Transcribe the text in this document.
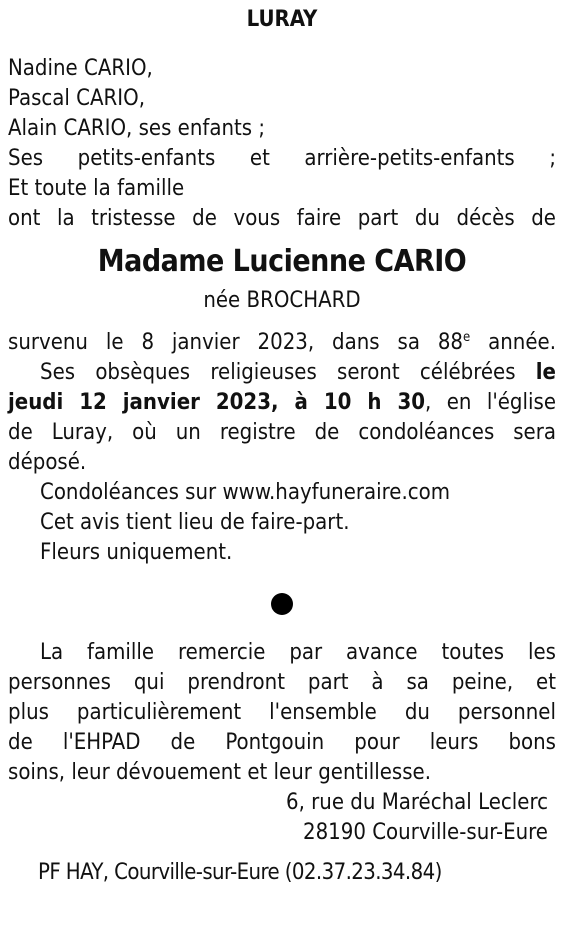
LURAY
Nadine CARIO,
Pascal CARIO,
Alain CARIO, ses enfants ;
Ses petits-enfants et arrière-petits-enfants ;
Et toute la famille
ont la tristesse de vous faire part du décès de
Madame Lucienne CARIO
née BROCHARD
survenu le 8 janvier 2023, dans sa 88e année.
Ses obsèques religieuses seront célébrées le
jeudi 12 janvier 2023, à 10 h 30, en l'église
de Luray, où un registre de condoléances sera
déposé.
Condoléances sur www.hayfuneraire.com
Cet avis tient lieu de faire-part.
Fleurs uniquement.
La famille remercie par avance toutes les
personnes qui prendront part à sa peine, et
plus particulièrement l'ensemble du personnel
de l'EHPAD de Pontgouin pour leurs bons
soins, leur dévouement et leur gentillesse.
6, rue du Maréchal Leclerc
28190 Courville-sur-Eure
PF HAY, Courville-sur-Eure (02.37.23.34.84)
